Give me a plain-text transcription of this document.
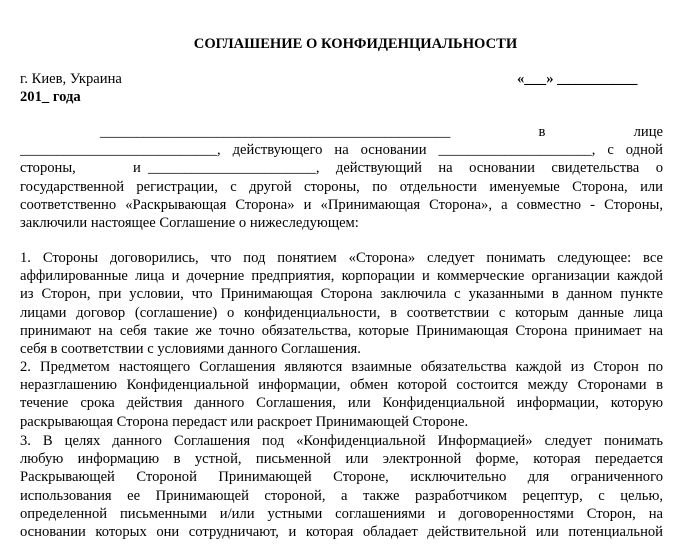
СОГЛАШЕНИЕ О КОНФИДЕНЦИАЛЬНОСТИ
г. Киев, Украина	«___» ___________
201_ года
________________________________________________ в лице
___________________________, действующего на основании _____________________, с одной
стороны,	и _______________________, действующий на основании свидетельства о
государственной регистрации, с другой стороны, по отдельности именуемые Сторона, или
соответственно «Раскрывающая Сторона» и «Принимающая Сторона», а совместно - Стороны,
заключили настоящее Соглашение о нижеследующем:
1. Стороны договорились, что под понятием «Сторона» следует понимать следующее: все
аффилированные лица и дочерние предприятия, корпорации и коммерческие организации каждой
из Сторон, при условии, что Принимающая Сторона заключила с указанными в данном пункте
лицами договор (соглашение) о конфиденциальности, в соответствии с которым данные лица
принимают на себя такие же точно обязательства, которые Принимающая Сторона принимает на
себя в соответствии с условиями данного Соглашения.
2. Предметом настоящего Соглашения являются взаимные обязательства каждой из Сторон по
неразглашению Конфиденциальной информации, обмен которой состоится между Сторонами в
течение срока действия данного Соглашения, или Конфиденциальной информации, которую
раскрывающая Сторона передаст или раскроет Принимающей Стороне.
3. В целях данного Соглашения под «Конфиденциальной Информацией» следует понимать
любую информацию в устной, письменной или электронной форме, которая передается
Раскрывающей Стороной Принимающей Стороне, исключительно для ограниченного
использования ее Принимающей стороной, а также разработчиком рецептур, с целью,
определенной письменными и/или устными соглашениями и договоренностями Сторон, на
основании которых они сотрудничают, и которая обладает действительной или потенциальной
